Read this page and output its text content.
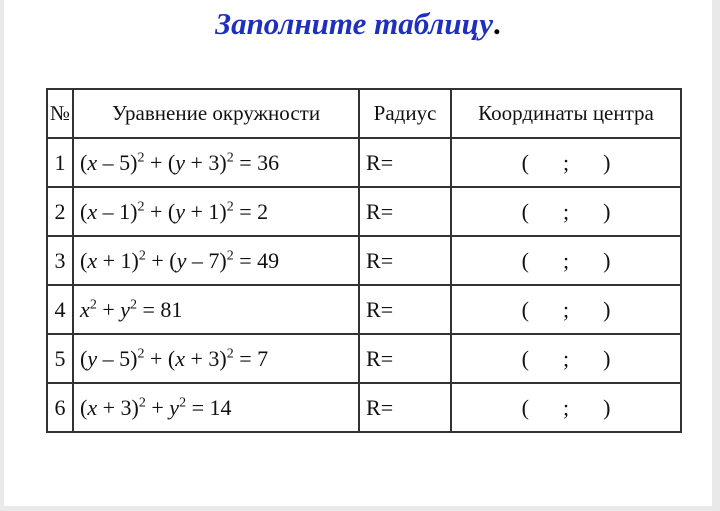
Заполните таблицу.
№	Уравнение окружности	Радиус	Координаты центра
1	$(x - 5)^2 + (y + 3)^2 = 36$	R=	( ; )
2	$(x - 1)^2 + (y + 1)^2 = 2$	R=	( ; )
3	$(x + 1)^2 + (y - 7)^2 = 49$	R=	( ; )
4	$x^2 + y^2 = 81$	R=	( ; )
5	$(y - 5)^2 + (x + 3)^2 = 7$	R=	( ; )
6	$(x + 3)^2 + y^2 = 14$	R=	( ; )
